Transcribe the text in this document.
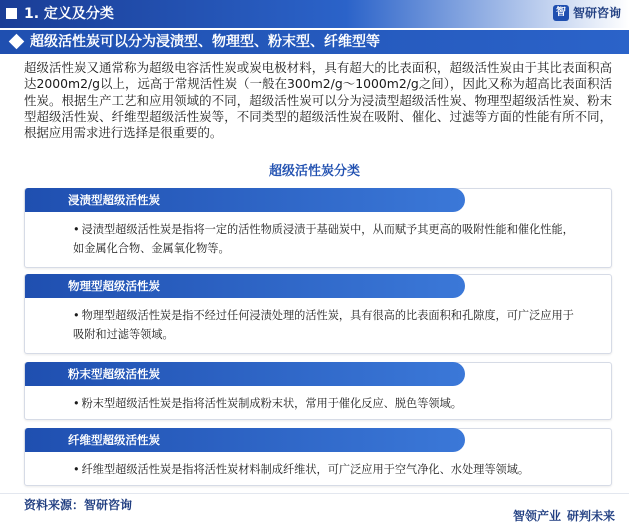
1. 定义及分类	智 智研咨询
超级活性炭可以分为浸渍型、物理型、粉末型、纤维型等

超级活性炭又通常称为超级电容活性炭或炭电极材料，具有超大的比表面积，超级活性炭由于其比表面积高达2000m2/g以上，远高于常规活性炭（一般在300m2/g～1000m2/g之间），因此又称为超高比表面积活性炭。根据生产工艺和应用领域的不同，超级活性炭可以分为浸渍型超级活性炭、物理型超级活性炭、粉末型超级活性炭、纤维型超级活性炭等，不同类型的超级活性炭在吸附、催化、过滤等方面的性能有所不同，根据应用需求进行选择是很重要的。

超级活性炭分类
浸渍型超级活性炭
• 浸渍型超级活性炭是指将一定的活性物质浸渍于基础炭中，从而赋予其更高的吸附性能和催化性能，如金属化合物、金属氧化物等。
物理型超级活性炭
• 物理型超级活性炭是指不经过任何浸渍处理的活性炭，具有很高的比表面积和孔隙度，可广泛应用于吸附和过滤等领域。
粉末型超级活性炭
• 粉末型超级活性炭是指将活性炭制成粉末状，常用于催化反应、脱色等领域。
纤维型超级活性炭
• 纤维型超级活性炭是指将活性炭材料制成纤维状，可广泛应用于空气净化、水处理等领域。
资料来源：智研咨询
智领产业 研判未来
